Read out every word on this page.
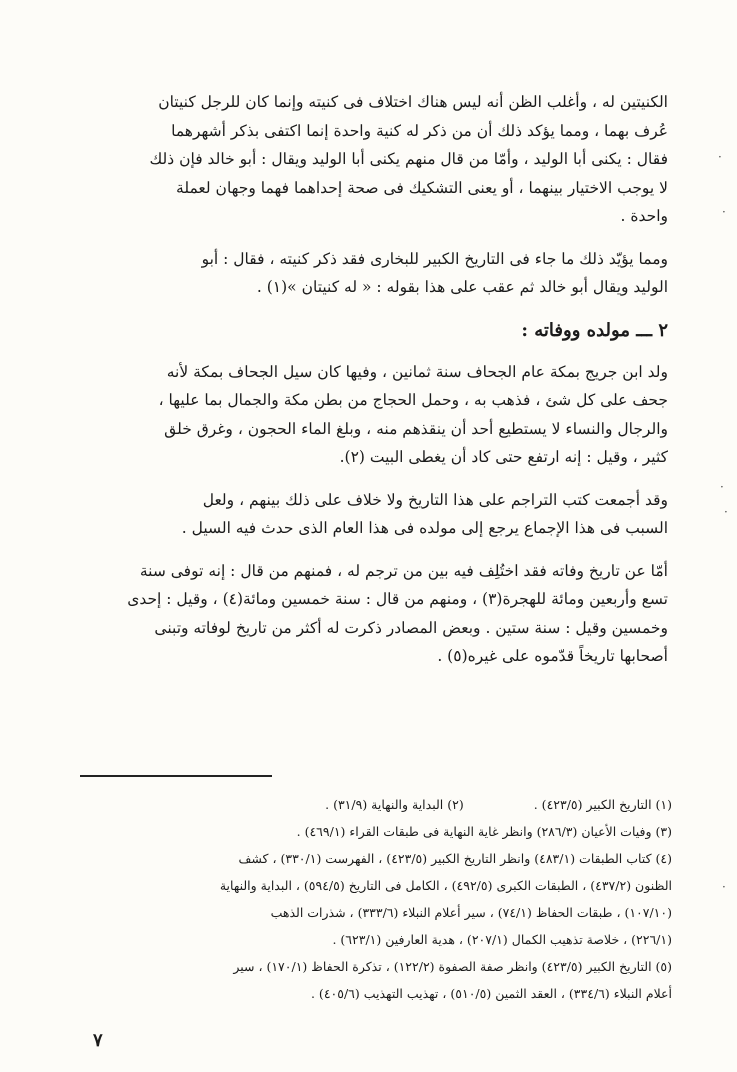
الكنيتين له ، وأغلب الظن أنه ليس هناك اختلاف فى كنيته وإنما كان للرجل كنيتان
عُرف بهما ، ومما يؤكد ذلك أن من ذكر له كنية واحدة إنما اكتفى بذكر أشهرهما
فقال : يكنى أبا الوليد ، وأمّا من قال منهم يكنى أبا الوليد ويقال : أبو خالد فإن ذلك
لا يوجب الاختيار بينهما ، أو يعنى التشكيك فى صحة إحداهما فهما وجهان لعملة
واحدة .

ومما يؤيّد ذلك ما جاء فى التاريخ الكبير للبخارى فقد ذكر كنيته ، فقال : أبو
الوليد ويقال أبو خالد ثم عقب على هذا بقوله : « له كنيتان »(١) .

٢ ـــ مولده ووفاته :

ولد ابن جريج بمكة عام الجحاف سنة ثمانين ، وفيها كان سيل الجحاف بمكة لأنه
جحف على كل شئ ، فذهب به ، وحمل الحجاج من بطن مكة والجمال بما عليها ،
والرجال والنساء لا يستطيع أحد أن ينقذهم منه ، وبلغ الماء الحجون ، وغرق خلق
كثير ، وقيل : إنه ارتفع حتى كاد أن يغطى البيت (٢).

وقد أجمعت كتب التراجم على هذا التاريخ ولا خلاف على ذلك بينهم ، ولعل
السبب فى هذا الإجماع يرجع إلى مولده فى هذا العام الذى حدث فيه السيل .

أمّا عن تاريخ وفاته فقد اختُلِف فيه بين من ترجم له ، فمنهم من قال : إنه توفى سنة
تسع وأربعين ومائة للهجرة(٣) ، ومنهم من قال : سنة خمسين ومائة(٤) ، وقيل : إحدى
وخمسين وقيل : سنة ستين . وبعض المصادر ذكرت له أكثر من تاريخ لوفاته وتبنى
أصحابها تاريخاً قدّموه على غيره(٥) .

(١) التاريخ الكبير (٤٢٣/٥) .
(٢) البداية والنهاية (٣١/٩) .
(٣) وفيات الأعيان (٢٨٦/٣) وانظر غاية النهاية فى طبقات القراء (٤٦٩/١) .
(٤) كتاب الطبقات (٤٨٣/١) وانظر التاريخ الكبير (٤٢٣/٥) ، الفهرست (٣٣٠/١) ، كشف
الظنون (٤٣٧/٢) ، الطبقات الكبرى (٤٩٢/٥) ، الكامل فى التاريخ (٥٩٤/٥) ، البداية والنهاية
(١٠٧/١٠) ، طبقات الحفاظ (٧٤/١) ، سير أعلام النبلاء (٣٣٣/٦) ، شذرات الذهب
(٢٢٦/١) ، خلاصة تذهيب الكمال (٢٠٧/١) ، هدية العارفين (٦٢٣/١) .
(٥) التاريخ الكبير (٤٢٣/٥) وانظر صفة الصفوة (١٢٢/٢) ، تذكرة الحفاظ (١٧٠/١) ، سير
أعلام النبلاء (٣٣٤/٦) ، العقد الثمين (٥١٠/٥) ، تهذيب التهذيب (٤٠٥/٦) .
٧
·
·
·
·
·
